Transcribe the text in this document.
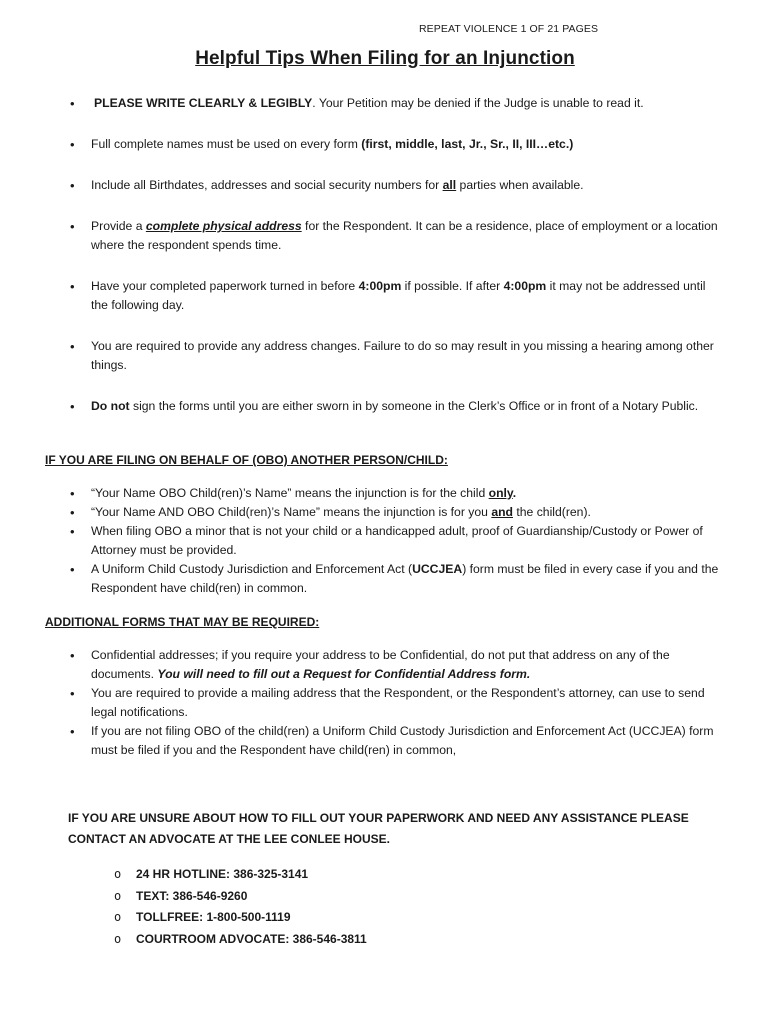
REPEAT VIOLENCE 1 OF 21 PAGES
Helpful Tips When Filing for an Injunction
• PLEASE WRITE CLEARLY & LEGIBLY. Your Petition may be denied if the Judge is unable to read it.
• Full complete names must be used on every form (first, middle, last, Jr., Sr., II, III…etc.)
• Include all Birthdates, addresses and social security numbers for all parties when available.
• Provide a complete physical address for the Respondent. It can be a residence, place of employment or a location where the respondent spends time.
• Have your completed paperwork turned in before 4:00pm if possible. If after 4:00pm it may not be addressed until the following day.
• You are required to provide any address changes. Failure to do so may result in you missing a hearing among other things.
• Do not sign the forms until you are either sworn in by someone in the Clerk’s Office or in front of a Notary Public.
IF YOU ARE FILING ON BEHALF OF (OBO) ANOTHER PERSON/CHILD:
• “Your Name OBO Child(ren)’s Name” means the injunction is for the child only.
• “Your Name AND OBO Child(ren)’s Name” means the injunction is for you and the child(ren).
• When filing OBO a minor that is not your child or a handicapped adult, proof of Guardianship/Custody or Power of Attorney must be provided.
• A Uniform Child Custody Jurisdiction and Enforcement Act (UCCJEA) form must be filed in every case if you and the Respondent have child(ren) in common.
ADDITIONAL FORMS THAT MAY BE REQUIRED:
• Confidential addresses; if you require your address to be Confidential, do not put that address on any of the documents. You will need to fill out a Request for Confidential Address form.
• You are required to provide a mailing address that the Respondent, or the Respondent’s attorney, can use to send legal notifications.
• If you are not filing OBO of the child(ren) a Uniform Child Custody Jurisdiction and Enforcement Act (UCCJEA) form must be filed if you and the Respondent have child(ren) in common,
IF YOU ARE UNSURE ABOUT HOW TO FILL OUT YOUR PAPERWORK AND NEED ANY ASSISTANCE PLEASE CONTACT AN ADVOCATE AT THE LEE CONLEE HOUSE.
o 24 HR HOTLINE: 386-325-3141
o TEXT: 386-546-9260
o TOLLFREE: 1-800-500-1119
o COURTROOM ADVOCATE: 386-546-3811
